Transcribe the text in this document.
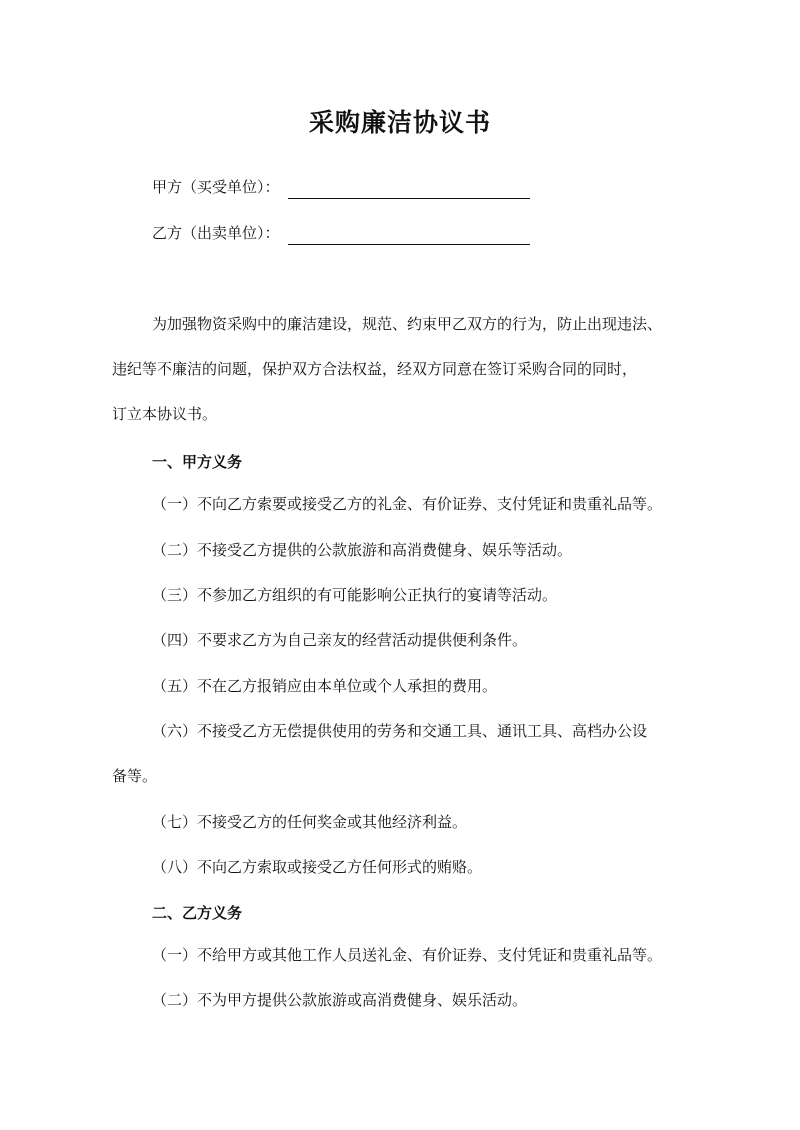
采购廉洁协议书
甲方（买受单位）：
乙方（出卖单位）：

为加强物资采购中的廉洁建设，规范、约束甲乙双方的行为，防止出现违法、

违纪等不廉洁的问题，保护双方合法权益，经双方同意在签订采购合同的同时，

订立本协议书。

一、甲方义务

（一）不向乙方索要或接受乙方的礼金、有价证券、支付凭证和贵重礼品等。

（二）不接受乙方提供的公款旅游和高消费健身、娱乐等活动。

（三）不参加乙方组织的有可能影响公正执行的宴请等活动。

（四）不要求乙方为自己亲友的经营活动提供便利条件。

（五）不在乙方报销应由本单位或个人承担的费用。

（六）不接受乙方无偿提供使用的劳务和交通工具、通讯工具、高档办公设

备等。

（七）不接受乙方的任何奖金或其他经济利益。

（八）不向乙方索取或接受乙方任何形式的贿赂。

二、乙方义务

（一）不给甲方或其他工作人员送礼金、有价证券、支付凭证和贵重礼品等。

（二）不为甲方提供公款旅游或高消费健身、娱乐活动。
